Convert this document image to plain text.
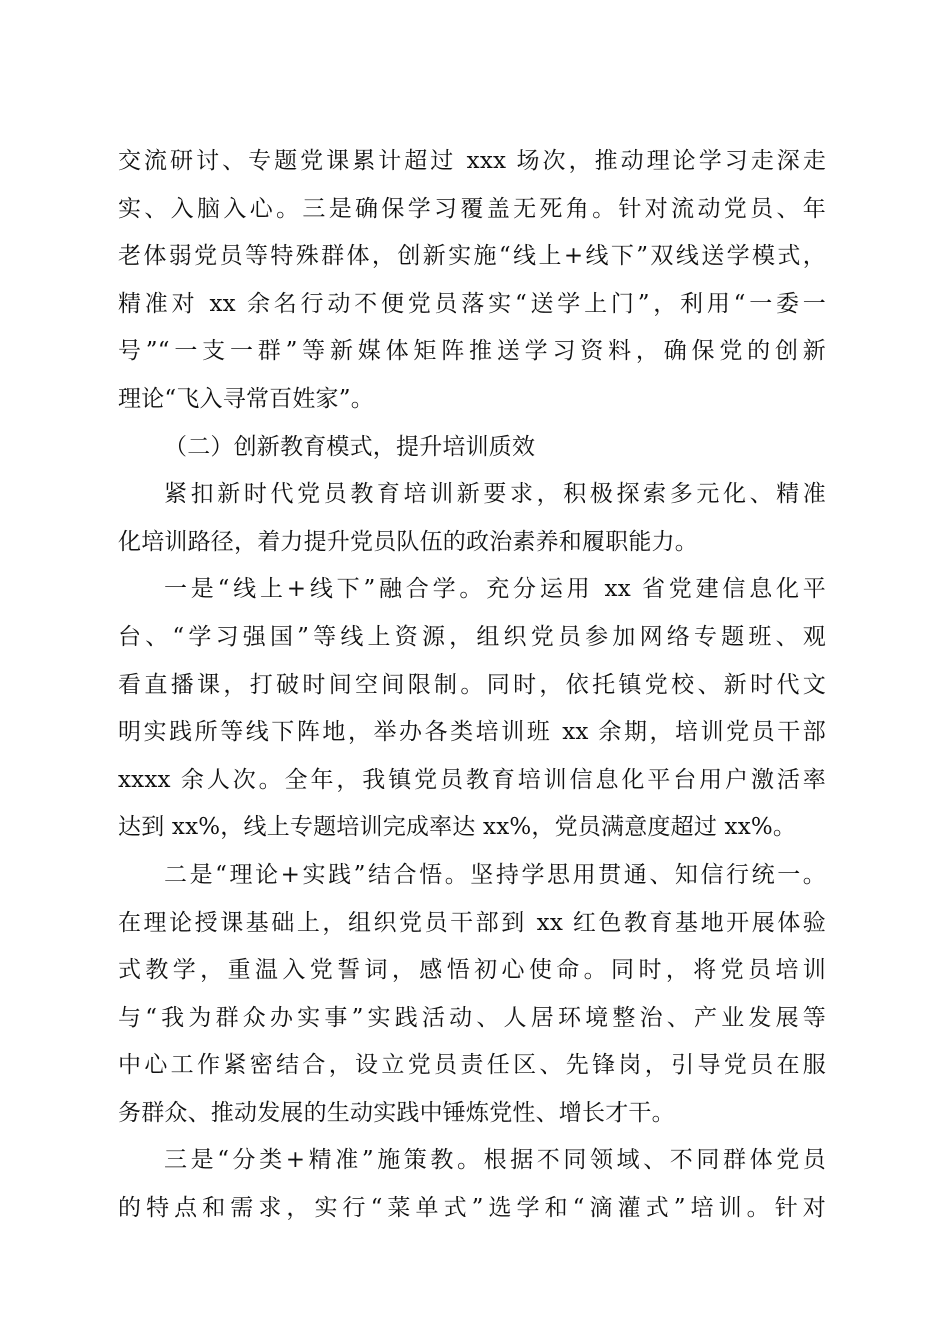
交流研讨、专题党课累计超过 xxx 场次，推动理论学习走深走
实、入脑入心。三是确保学习覆盖无死角。针对流动党员、年
老体弱党员等特殊群体，创新实施“线上+线下”双线送学模式，
精准对 xx 余名行动不便党员落实“送学上门”，利用“一委一
号”“一支一群”等新媒体矩阵推送学习资料，确保党的创新
理论“飞入寻常百姓家”。
（二）创新教育模式，提升培训质效
紧扣新时代党员教育培训新要求，积极探索多元化、精准
化培训路径，着力提升党员队伍的政治素养和履职能力。
一是“线上+线下”融合学。充分运用 xx 省党建信息化平
台、“学习强国”等线上资源，组织党员参加网络专题班、观
看直播课，打破时间空间限制。同时，依托镇党校、新时代文
明实践所等线下阵地，举办各类培训班 xx 余期，培训党员干部
xxxx 余人次。全年，我镇党员教育培训信息化平台用户激活率
达到 xx%，线上专题培训完成率达 xx%，党员满意度超过 xx%。
二是“理论+实践”结合悟。坚持学思用贯通、知信行统一。
在理论授课基础上，组织党员干部到 xx 红色教育基地开展体验
式教学，重温入党誓词，感悟初心使命。同时，将党员培训
与“我为群众办实事”实践活动、人居环境整治、产业发展等
中心工作紧密结合，设立党员责任区、先锋岗，引导党员在服
务群众、推动发展的生动实践中锤炼党性、增长才干。
三是“分类+精准”施策教。根据不同领域、不同群体党员
的特点和需求，实行“菜单式”选学和“滴灌式”培训。针对
